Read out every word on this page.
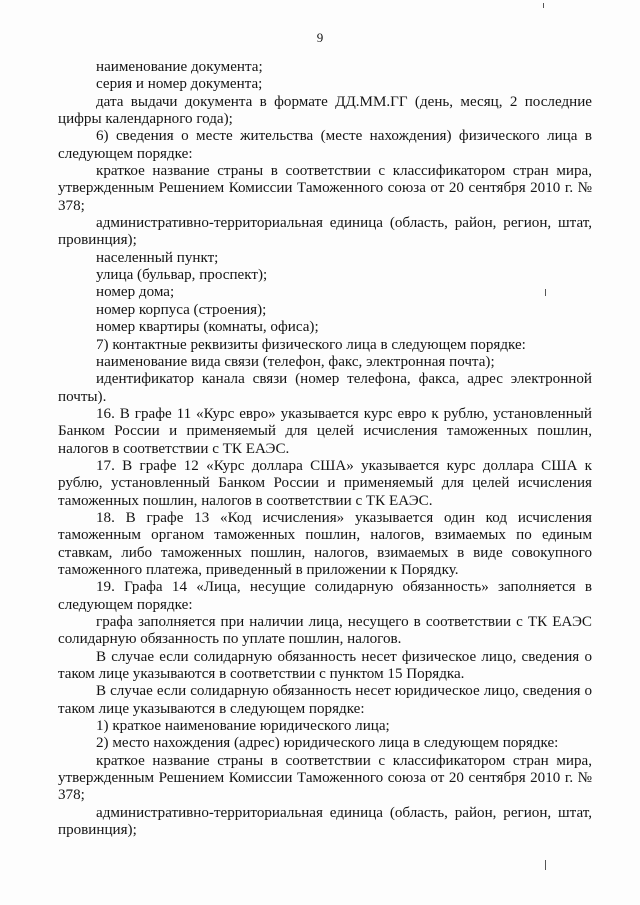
9

наименование документа;

серия и номер документа;

дата выдачи документа в формате ДД.ММ.ГГ (день, месяц, 2 последние цифры календарного года);

6) сведения о месте жительства (месте нахождения) физического лица в следующем порядке:

краткое название страны в соответствии с классификатором стран мира, утвержденным Решением Комиссии Таможенного союза от 20 сентября 2010 г. № 378;

административно-территориальная единица (область, район, регион, штат, провинция);

населенный пункт;

улица (бульвар, проспект);

номер дома;

номер корпуса (строения);

номер квартиры (комнаты, офиса);

7) контактные реквизиты физического лица в следующем порядке:

наименование вида связи (телефон, факс, электронная почта);

идентификатор канала связи (номер телефона, факса, адрес электронной почты).

16. В графе 11 «Курс евро» указывается курс евро к рублю, установленный Банком России и применяемый для целей исчисления таможенных пошлин, налогов в соответствии с ТК ЕАЭС.

17. В графе 12 «Курс доллара США» указывается курс доллара США к рублю, установленный Банком России и применяемый для целей исчисления таможенных пошлин, налогов в соответствии с ТК ЕАЭС.

18. В графе 13 «Код исчисления» указывается один код исчисления таможенным органом таможенных пошлин, налогов, взимаемых по единым ставкам, либо таможенных пошлин, налогов, взимаемых в виде совокупного таможенного платежа, приведенный в приложении к Порядку.

19. Графа 14 «Лица, несущие солидарную обязанность» заполняется в следующем порядке:

графа заполняется при наличии лица, несущего в соответствии с ТК ЕАЭС солидарную обязанность по уплате пошлин, налогов.

В случае если солидарную обязанность несет физическое лицо, сведения о таком лице указываются в соответствии с пунктом 15 Порядка.

В случае если солидарную обязанность несет юридическое лицо, сведения о таком лице указываются в следующем порядке:

1) краткое наименование юридического лица;

2) место нахождения (адрес) юридического лица в следующем порядке:

краткое название страны в соответствии с классификатором стран мира, утвержденным Решением Комиссии Таможенного союза от 20 сентября 2010 г. № 378;

административно-территориальная единица (область, район, регион, штат, провинция);
